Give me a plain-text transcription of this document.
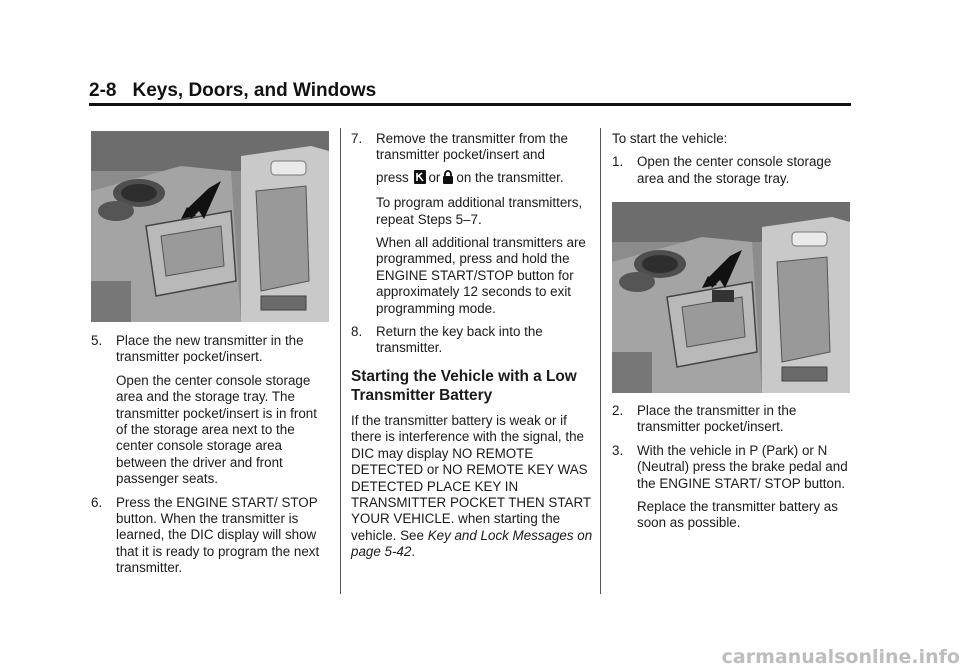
2-8 Keys, Doors, and Windows

5. Place the new transmitter in the transmitter pocket/insert.

Open the center console storage area and the storage tray. The transmitter pocket/insert is in front of the storage area next to the center console storage area between the driver and front passenger seats.

6. Press the ENGINE START/ STOP button. When the transmitter is learned, the DIC display will show that it is ready to program the next transmitter.

7. Remove the transmitter from the transmitter pocket/insert and

press or on the transmitter.

To program additional transmitters, repeat Steps 5–7.

When all additional transmitters are programmed, press and hold the ENGINE START/STOP button for approximately 12 seconds to exit programming mode.

8. Return the key back into the transmitter.

Starting the Vehicle with a Low Transmitter Battery

If the transmitter battery is weak or if there is interference with the signal, the DIC may display NO REMOTE DETECTED or NO REMOTE KEY WAS DETECTED PLACE KEY IN TRANSMITTER POCKET THEN START YOUR VEHICLE. when starting the vehicle. See Key and Lock Messages on page 5-42.

To start the vehicle:

1. Open the center console storage area and the storage tray.

2. Place the transmitter in the transmitter pocket/insert.

3. With the vehicle in P (Park) or N (Neutral) press the brake pedal and the ENGINE START/ STOP button.

Replace the transmitter battery as soon as possible.

carmanualsonline.info
